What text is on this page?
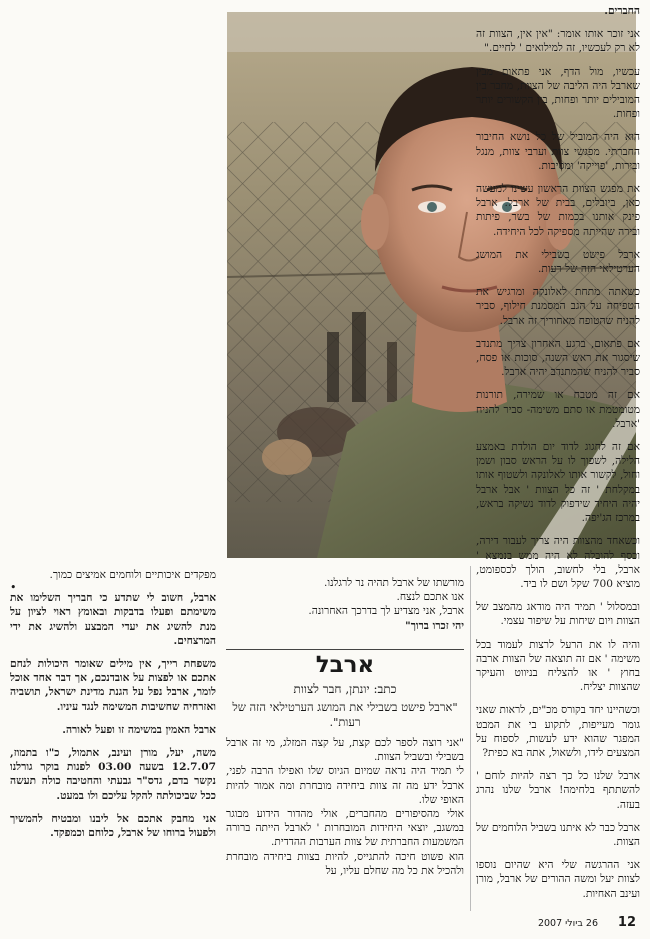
החברים.

אני זוכר אותו אומר: "אין אין, הצוות זה לא רק לעכשיו, זה למילואים ' לחיים."

עכשיו, מול הדף, אני פתאום מבין שארבל היה הליבה של הצוות, מחבר בין המובילים יותר ופחות, בין הקשורים יותר ופחות.

הוא היה המוביל של כל נושא החיבור החברתי. מפגשי צוות וערבי צוות, מנגל ובירות, 'פוייקה' ומסיבות.

את מפגש הצוות הראשון עשינו למעשה כאן, ביובלים, בבית של ארבל. ארבל פינק אותנו בכמות של בשר, פיתות ובירה שהייתה מספיקה לכל היחידה.

ארבל פישט בשבילי את המושג הערטילאי הזה של רעות.

כשאתה מתחת לאלונקה ומרגיש את הטפיחה על הגב המסמנת חילוף, סביר להניח שהטופח מאחוריך זה ארבל.

אם פתאום, ברגע האחרון צריך מתנדב שיסגור את ראש השנה, סוכות או פסח, סביר להניח שהמתנדב יהיה ארבל.

אם זה מטבח או שמירה, תורנות מטומטמת או סתם משימה- סביר להניח 'ארבל.

אם זה לחגוג לדוד יום הולדת באמצע הלילה, לשפוך לו על הראש סבון ושמן וחול, לקשור אותו לאלונקה ולשטוף אותו במקלחת ' זה כל הצוות ' אבל ארבל יהיה היחיד שידפוק לדוד נשיקה בראש, במרכז הג'יפה.

וכשאחד מהצוות היה צריך לעבור דירה, וכסף להובלה לא היה ממש בנמצא ' ארבל, בלי לחשוב, הולך לכספומט, מוציא 700 שקל ושם לו ביד.

ובמסלול ' תמיד היה מודאג מהמצב של הצוות ויום שיחות על שיפור עצמי.

והיה לו את הרעל לרצות לעמוד בכל משימה ' אם זה תוצאה של הצוות ארבה בחוץ ' או להצליח בניווט והעיקר שהצוות יצליח.

וכשהיינו יחד בקורס מכ"ים, לראות שאני גומר מעייפות, לתקוע בי את המבט המפגר שהוא ידע לעשות, לספוח על המצעים לידו, ולשאול, אתה בא כפית?

ארבל שלנו כל כך רצה להיות לוחם ' להשתתף בלחימה! ארבל שלנו נהרג בעזה.

ארבל כבר לא איתנו בשביל הלוחמים של הצוות.

אני ההרגשה שלי היא שהיום נוספו לצוות יעל ומשה ההורים של ארבל, מורן ועינב האחיות.

מורשתו של ארבל תהיה נר לרגלנו.

אנו אתכם לנצח.

ארבל, אני מצדיע לך בדרכך האחרונה.

יהי זכרו ברוך"

ארבל
כתב: יונתן, חבר לצוות
"ארבל פישט בשבילי את המושג הערטילאי הזה של רעות".

"אני רוצה לספר לכם קצת, על קצה המזלג, מי זה ארבל בשבילי ובשביל הצוות.

לי תמיד היה נראה שמיום הגיוס שלו ואפילו הרבה לפני, ארבל ידע מה זה צוות ביחידה מובחרת ומה אמור להיות האופי שלו.

אולי מהסיפורים מהחברים, אולי מהדור הידוע מבוגר במשגב, יוצאי היחידות המובחרות ' לארבל הייתה ברורה המשמעות החברתית של צוות הערבות ההדדית.

הוא פשוט חיכה להתגייס, להיות בצוות ביחידה מובחרת ולהכיל את כל מה שחלם עליו, על

מפקדים איכותיים ולוחמים אמיצים כמוך.

ארבל, חשוב לי שתדע כי חבריך השלימו את משימתם ופעלו בדבקות ובאומץ ראוי לציון על מנת להשיג את יעדי המבצע ולהשיג את ידי המרצחים.

משפחת רייך, אין מילים שאומר היכולות לנחם אתכם או לפצות על אובדנכם, אך דבר אחד אוכל לומר, ארבל נפל על הגנת מדינת ישראל, תושביה ואזרחיה שחשיבות המשימה לנגד עיניו.

ארבל האמין במשימה זו ופעל לאורה.

משה, יעל, מורן ועינב, אתמול, כ"ו בתמוז, 12.7.07 בשעה 03.00 לפנות בוקר גורלנו נקשר בדם, גדס"ר גבעתי והחטיבה כולה תעשה ככל שביכולתה להקל עליכם ולו במעט.

אני מחבק אתכם אל ליבנו ומבטיח להמשיך ולפעול ברוחו של ארבל, כלוחם וכמפקד.

•
26 ביולי 2007 12
